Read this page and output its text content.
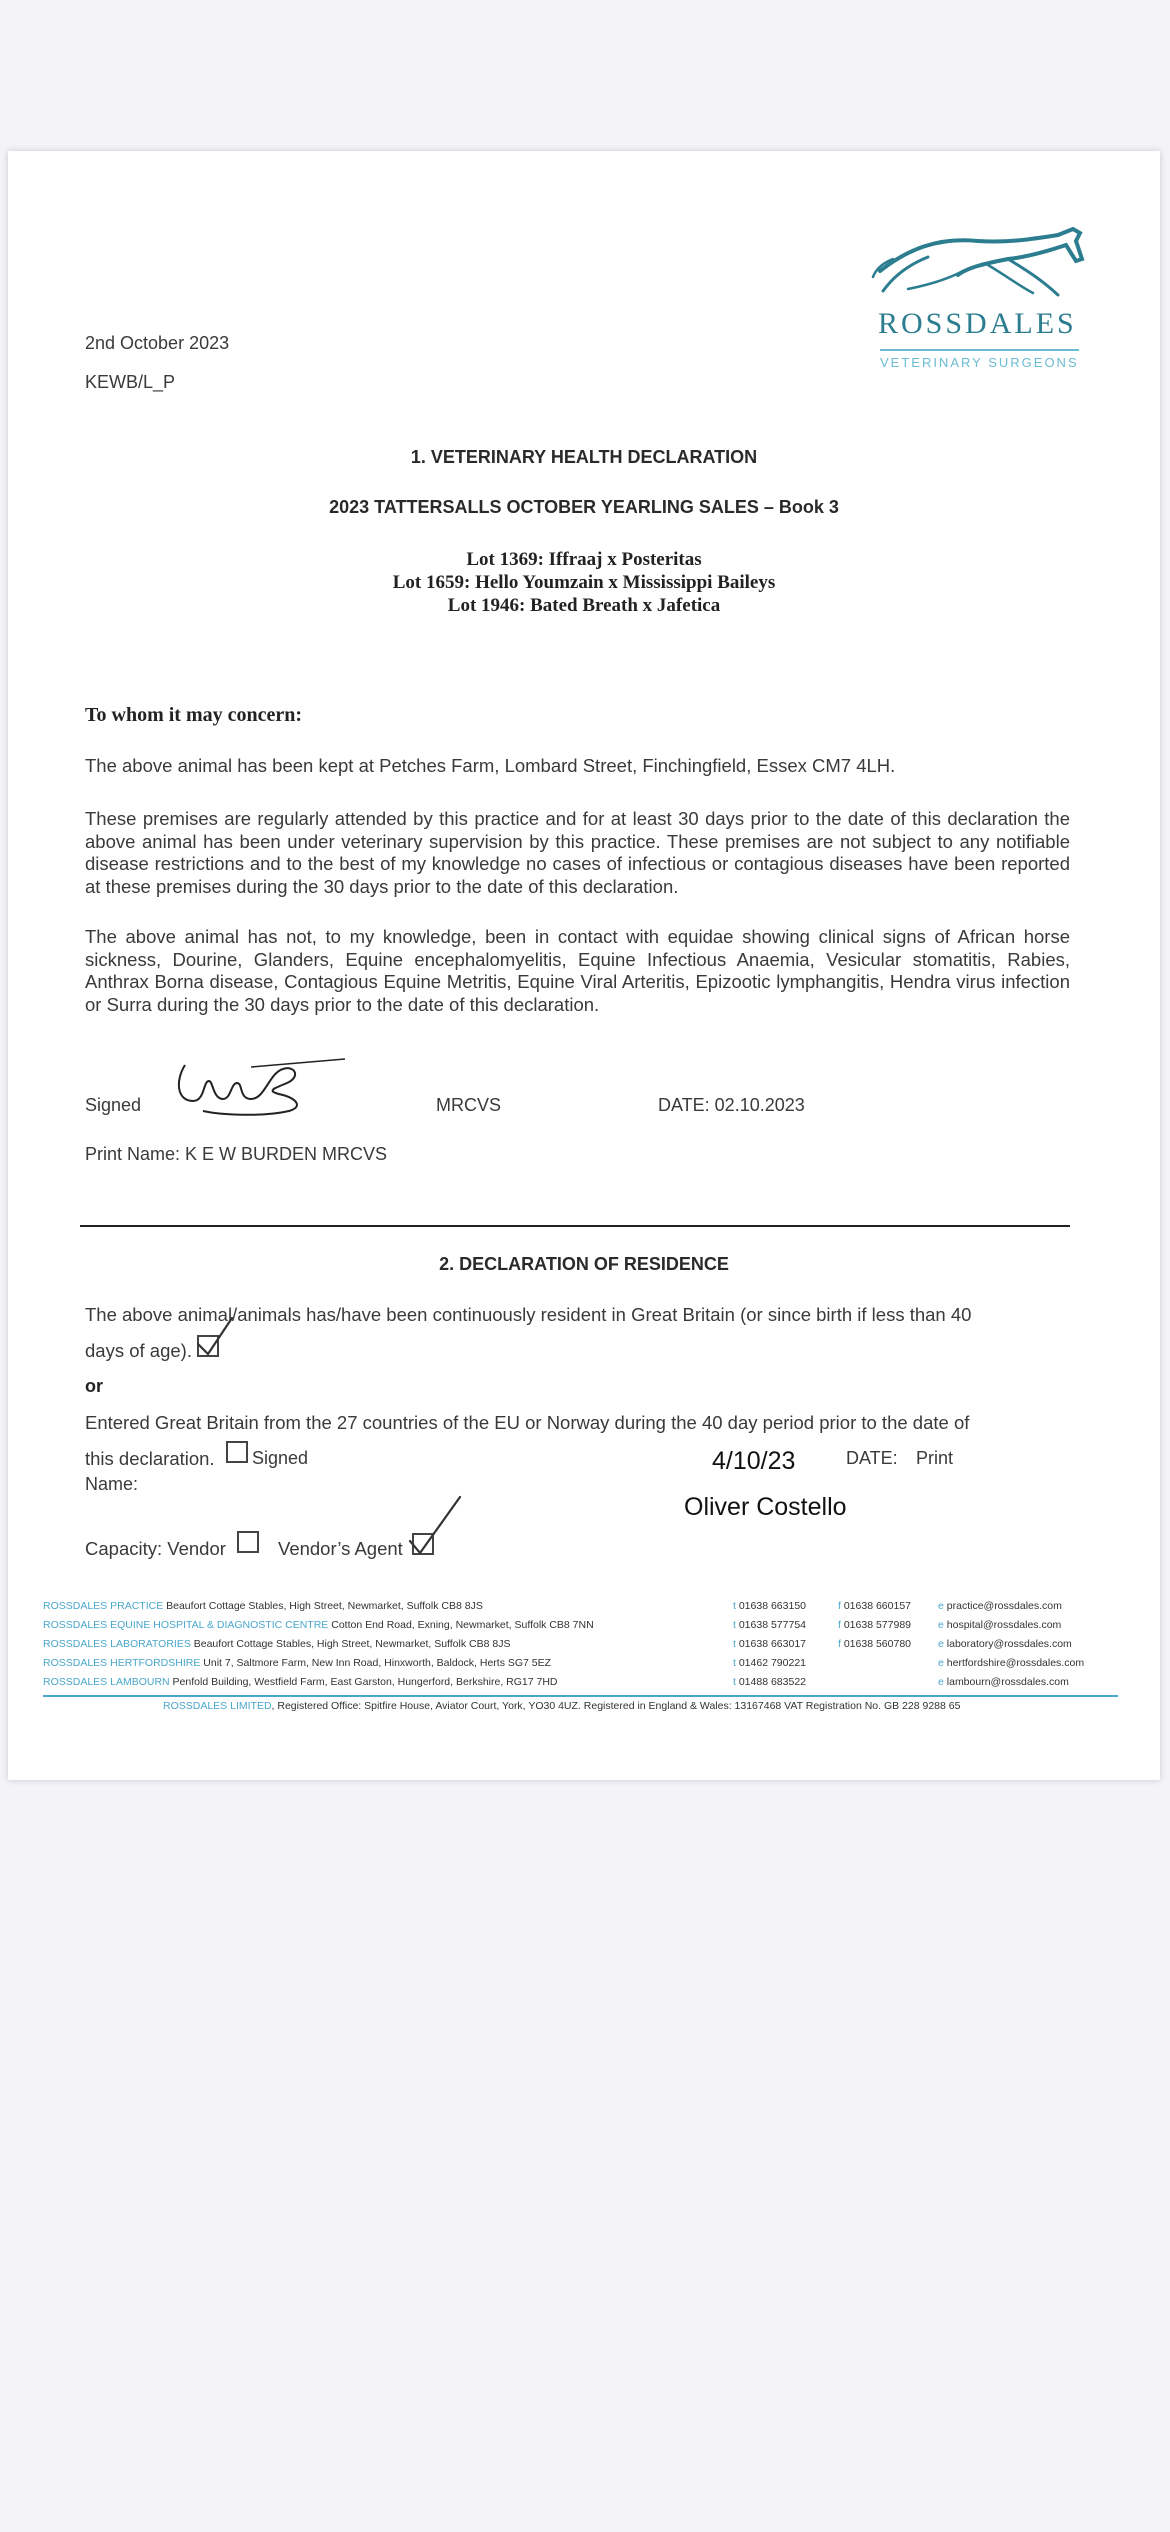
ROSSDALES
VETERINARY SURGEONS
2nd October 2023
KEWB/L_P
1. VETERINARY HEALTH DECLARATION
2023 TATTERSALLS OCTOBER YEARLING SALES – Book 3
Lot 1369: Iffraaj x Posteritas
Lot 1659: Hello Youmzain x Mississippi Baileys
Lot 1946: Bated Breath x Jafetica
To whom it may concern:
The above animal has been kept at Petches Farm, Lombard Street, Finchingfield, Essex CM7 4LH.
These premises are regularly attended by this practice and for at least 30 days prior to the date of this declaration the above animal has been under veterinary supervision by this practice. These premises are not subject to any notifiable disease restrictions and to the best of my knowledge no cases of infectious or contagious diseases have been reported at these premises during the 30 days prior to the date of this declaration.
The above animal has not, to my knowledge, been in contact with equidae showing clinical signs of African horse sickness, Dourine, Glanders, Equine encephalomyelitis, Equine Infectious Anaemia, Vesicular stomatitis, Rabies, Anthrax Borna disease, Contagious Equine Metritis, Equine Viral Arteritis, Epizootic lymphangitis, Hendra virus infection or Surra during the 30 days prior to the date of this declaration.
Signed	MRCVS	DATE: 02.10.2023
Print Name: K E W BURDEN MRCVS
2. DECLARATION OF RESIDENCE
The above animal/animals has/have been continuously resident in Great Britain (or since birth if less than 40
days of age).
or
Entered Great Britain from the 27 countries of the EU or Norway during the 40 day period prior to the date of
this declaration. Signed	DATE: Print
Name:
4/10/23
Oliver Costello
Capacity: Vendor	Vendor’s Agent
ROSSDALES PRACTICE Beaufort Cottage Stables, High Street, Newmarket, Suffolk CB8 8JS	t 01638 663150	f 01638 660157	e practice@rossdales.com
ROSSDALES EQUINE HOSPITAL & DIAGNOSTIC CENTRE Cotton End Road, Exning, Newmarket, Suffolk CB8 7NN	t 01638 577754	f 01638 577989	e hospital@rossdales.com
ROSSDALES LABORATORIES Beaufort Cottage Stables, High Street, Newmarket, Suffolk CB8 8JS	t 01638 663017	f 01638 560780	e laboratory@rossdales.com
ROSSDALES HERTFORDSHIRE Unit 7, Saltmore Farm, New Inn Road, Hinxworth, Baldock, Herts SG7 5EZ	t 01462 790221	e hertfordshire@rossdales.com
ROSSDALES LAMBOURN Penfold Building, Westfield Farm, East Garston, Hungerford, Berkshire, RG17 7HD	t 01488 683522	e lambourn@rossdales.com
ROSSDALES LIMITED, Registered Office: Spitfire House, Aviator Court, York, YO30 4UZ. Registered in England & Wales: 13167468 VAT Registration No. GB 228 9288 65
